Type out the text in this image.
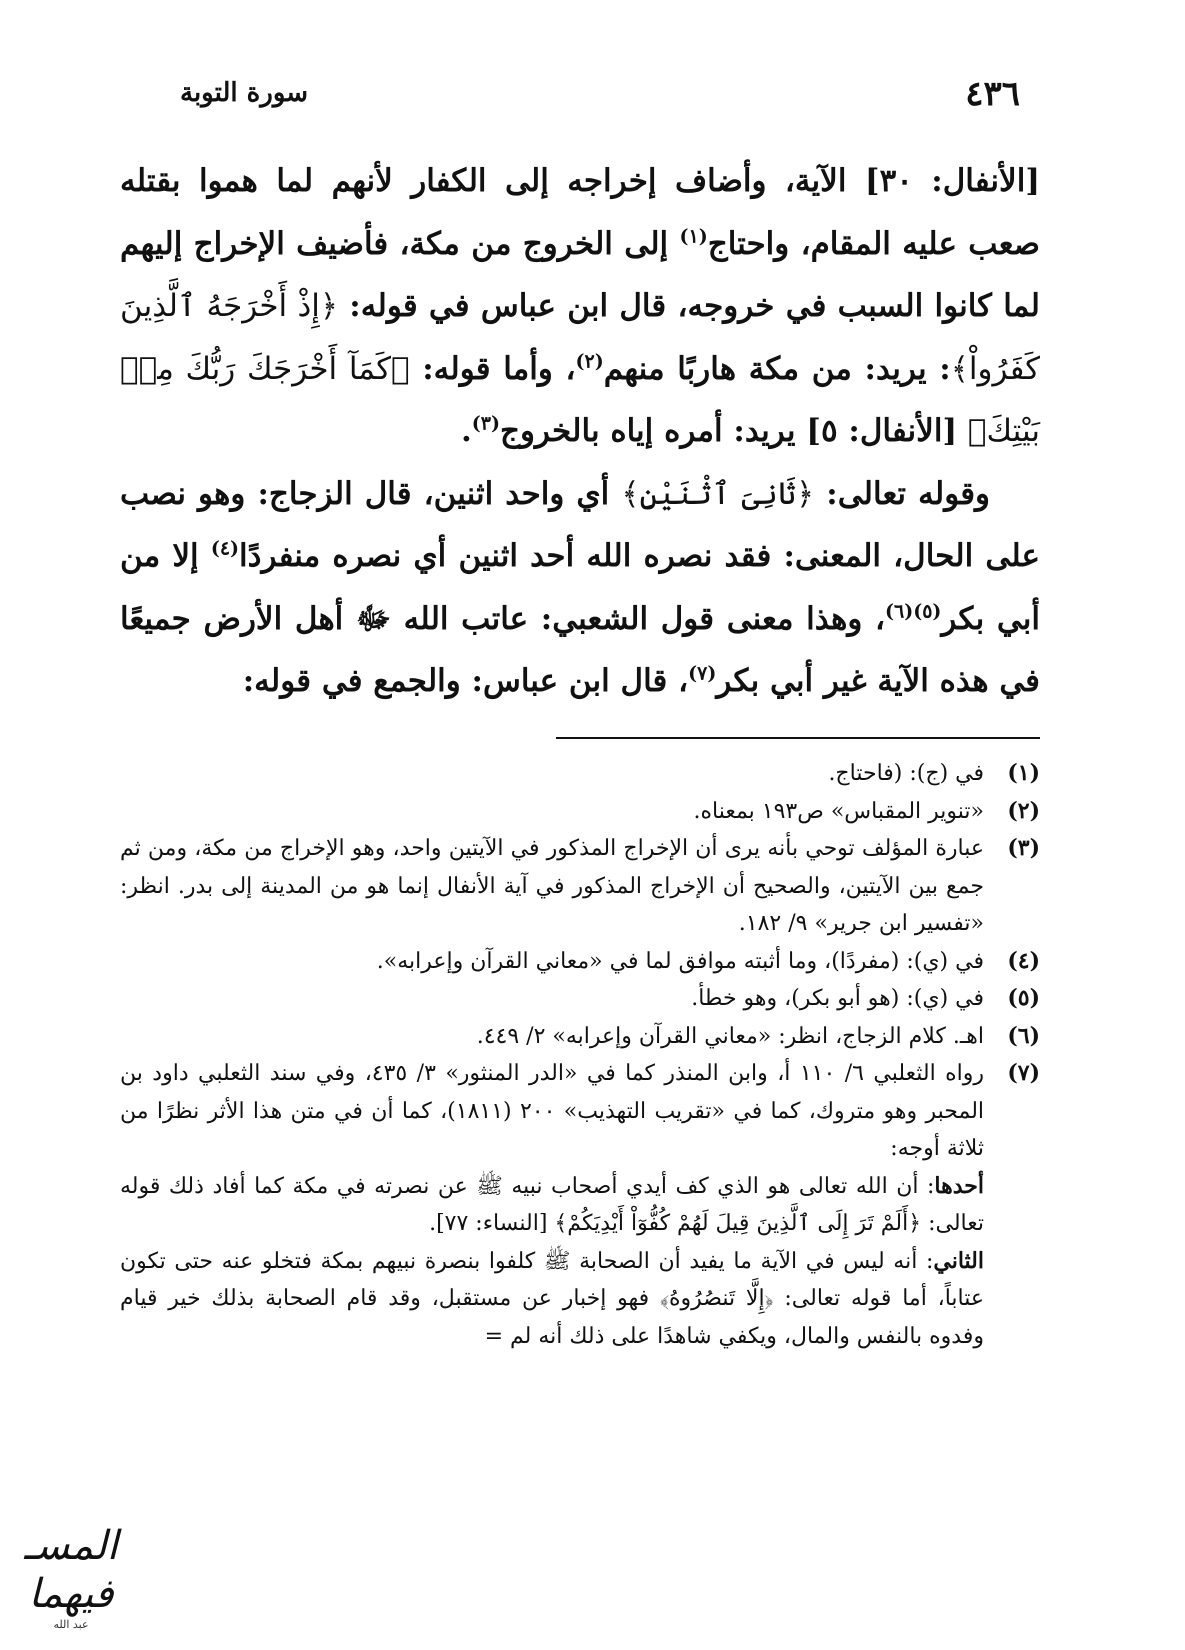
٤٣٦
سورة التوبة

[الأنفال: ٣٠] الآية، وأضاف إخراجه إلى الكفار لأنهم لما هموا بقتله صعب عليه المقام، واحتاج$^{(١)}$ إلى الخروج من مكة، فأضيف الإخراج إليهم لما كانوا السبب في خروجه، قال ابن عباس في قوله: ﴿إِذْ أَخْرَجَهُ ٱلَّذِينَ كَفَرُواْ﴾: يريد: من مكة هاربًا منهم$^{(٢)}$، وأما قوله: ﴿كَمَآ أَخْرَجَكَ رَبُّكَ مِنۢ بَيْتِكَ﴾ [الأنفال: ٥] يريد: أمره إياه بالخروج$^{(٣)}$.

وقوله تعالى: ﴿ثَانِىَ ٱثْنَيْنِ﴾ أي واحد اثنين، قال الزجاج: وهو نصب على الحال، المعنى: فقد نصره الله أحد اثنين أي نصره منفردًا$^{(٤)}$ إلا من أبي بكر$^{(٥)(٦)}$، وهذا معنى قول الشعبي: عاتب الله ﷻ أهل الأرض جميعًا في هذه الآية غير أبي بكر$^{(٧)}$، قال ابن عباس: والجمع في قوله:

(١)
في (ج): (فاحتاج.
(٢)
«تنوير المقباس» ص١٩٣ بمعناه.
(٣)
عبارة المؤلف توحي بأنه يرى أن الإخراج المذكور في الآيتين واحد، وهو الإخراج من مكة، ومن ثم جمع بين الآيتين، والصحيح أن الإخراج المذكور في آية الأنفال إنما هو من المدينة إلى بدر. انظر: «تفسير ابن جرير» ٩/ ١٨٢.
(٤)
في (ي): (مفردًا)، وما أثبته موافق لما في «معاني القرآن وإعرابه».
(٥)
في (ي): (هو أبو بكر)، وهو خطأ.
(٦)
اهـ. كلام الزجاج، انظر: «معاني القرآن وإعرابه» ٢/ ٤٤٩.
(٧)

رواه الثعلبي ٦/ ١١٠ أ، وابن المنذر كما في «الدر المنثور» ٣/ ٤٣٥، وفي سند الثعلبي داود بن المحبر وهو متروك، كما في «تقريب التهذيب» ٢٠٠ (١٨١١)، كما أن في متن هذا الأثر نظرًا من ثلاثة أوجه:

أحدها: أن الله تعالى هو الذي كف أيدي أصحاب نبيه ﷺ عن نصرته في مكة كما أفاد ذلك قوله تعالى: ﴿أَلَمْ تَرَ إِلَى ٱلَّذِينَ قِيلَ لَهُمْ كُفُّوٓاْ أَيْدِيَكُمْ﴾ [النساء: ٧٧].

الثاني: أنه ليس في الآية ما يفيد أن الصحابة ﷺ كلفوا بنصرة نبيهم بمكة فتخلو عنه حتى تكون عتاباً، أما قوله تعالى: ﴿إِلَّا تَنصُرُوهُ﴾ فهو إخبار عن مستقبل، وقد قام الصحابة بذلك خير قيام وفدوه بالنفس والمال، ويكفي شاهدًا على ذلك أنه لم =

المسـ فيهما
عبد الله
